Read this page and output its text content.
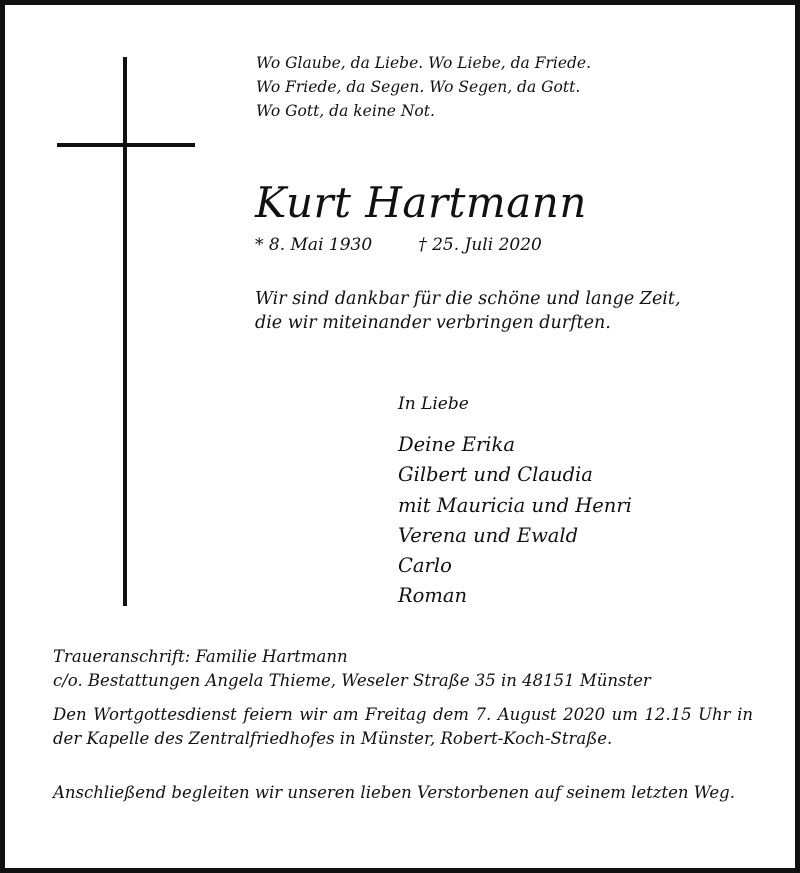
Wo Glaube, da Liebe. Wo Liebe, da Friede.
Wo Friede, da Segen. Wo Segen, da Gott.
Wo Gott, da keine Not.
Kurt Hartmann
* 8. Mai 1930	† 25. Juli 2020
Wir sind dankbar für die schöne und lange Zeit,
die wir miteinander verbringen durften.
In Liebe
Deine Erika
Gilbert und Claudia
mit Mauricia und Henri
Verena und Ewald
Carlo
Roman
Traueranschrift: Familie Hartmann
c/o. Bestattungen Angela Thieme, Weseler Straße 35 in 48151 Münster
Den Wortgottesdienst feiern wir am Freitag dem 7. August 2020 um 12.15 Uhr in der Kapelle des Zentralfriedhofes in Münster, Robert-Koch-Straße.
Anschließend begleiten wir unseren lieben Verstorbenen auf seinem letzten Weg.
